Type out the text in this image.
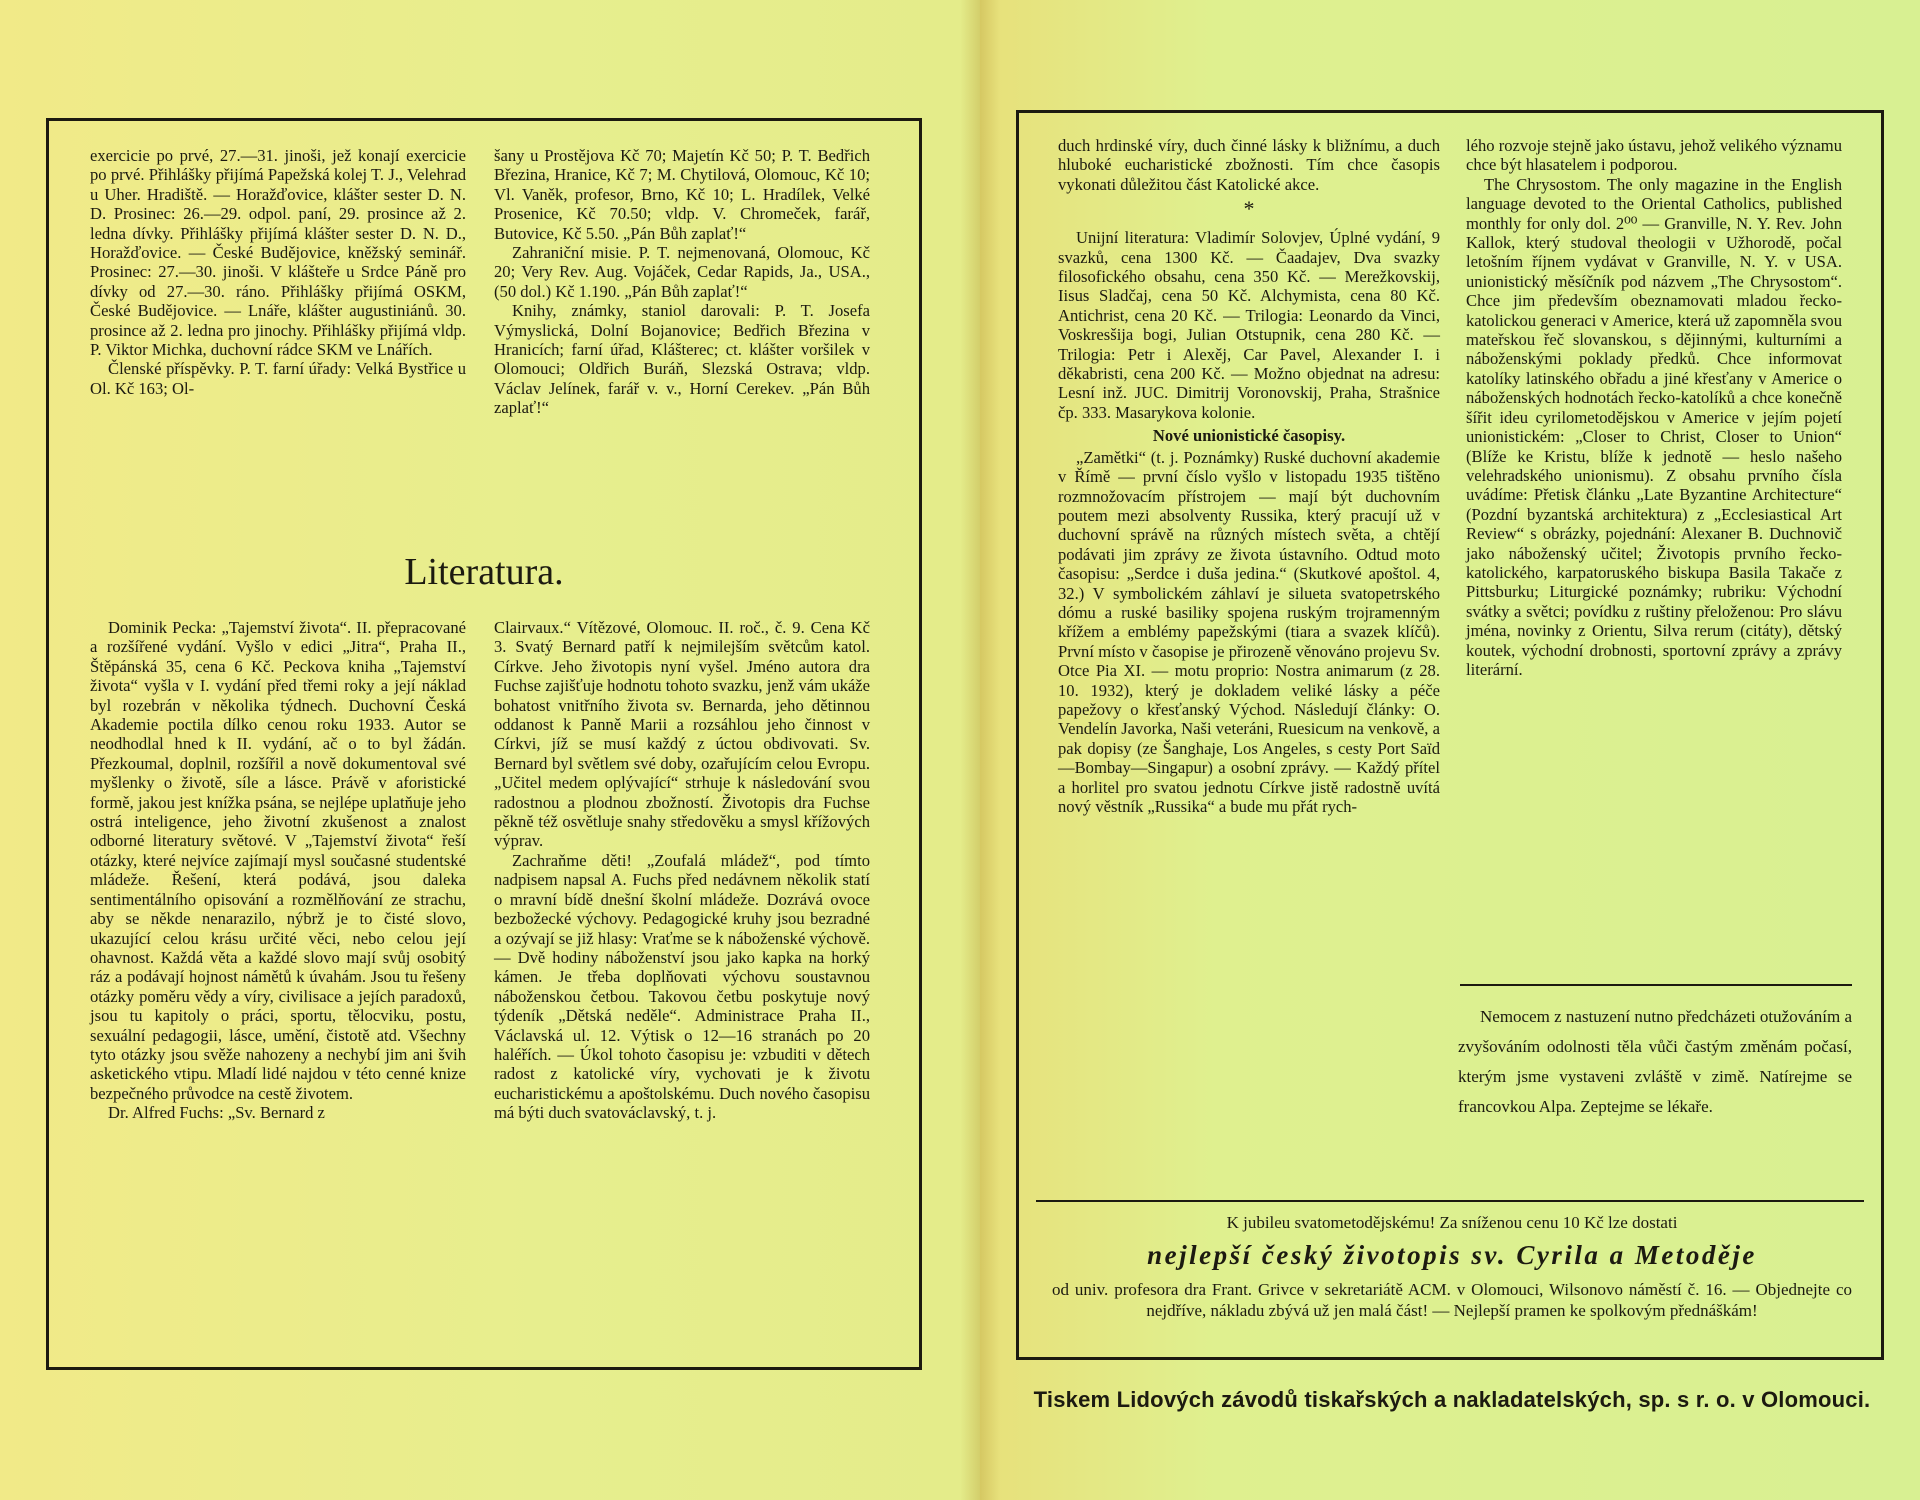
exercicie po prvé, 27.—31. jinoši, jež konají exercicie po prvé. Přihlášky přijímá Papežská kolej T. J., Velehrad u Uher. Hradiště. — Horažďovice, klášter sester D. N. D. Prosinec: 26.—29. odpol. paní, 29. prosince až 2. ledna dívky. Přihlášky přijímá klášter sester D. N. D., Horažďovice. — České Budějovice, kněžský seminář. Prosinec: 27.—30. jinoši. V klášteře u Srdce Páně pro dívky od 27.—30. ráno. Přihlášky přijímá OSKM, České Budějovice. — Lnáře, klášter augustiniánů. 30. prosince až 2. ledna pro jinochy. Přihlášky přijímá vldp. P. Viktor Michka, duchovní rádce SKM ve Lnářích.

Členské příspěvky. P. T. farní úřady: Velká Bystřice u Ol. Kč 163; Ol-

šany u Prostějova Kč 70; Majetín Kč 50; P. T. Bedřich Březina, Hranice, Kč 7; M. Chytilová, Olomouc, Kč 10; Vl. Vaněk, profesor, Brno, Kč 10; L. Hradílek, Velké Prosenice, Kč 70.50; vldp. V. Chromeček, farář, Butovice, Kč 5.50. „Pán Bůh zaplať!“

Zahraniční misie. P. T. nejmenovaná, Olomouc, Kč 20; Very Rev. Aug. Vojáček, Cedar Rapids, Ja., USA., (50 dol.) Kč 1.190. „Pán Bůh zaplať!“

Knihy, známky, staniol darovali: P. T. Josefa Výmyslická, Dolní Bojanovice; Bedřich Březina v Hranicích; farní úřad, Klášterec; ct. klášter voršilek v Olomouci; Oldřich Buráň, Slezská Ostrava; vldp. Václav Jelínek, farář v. v., Horní Cerekev. „Pán Bůh zaplať!“

Literatura.

Dominik Pecka: „Tajemství života“. II. přepracované a rozšířené vydání. Vyšlo v edici „Jitra“, Praha II., Štěpánská 35, cena 6 Kč. Peckova kniha „Tajemství života“ vyšla v I. vydání před třemi roky a její náklad byl rozebrán v několika týdnech. Duchovní Česká Akademie poctila dílko cenou roku 1933. Autor se neodhodlal hned k II. vydání, ač o to byl žádán. Přezkoumal, doplnil, rozšířil a nově dokumentoval své myšlenky o životě, síle a lásce. Právě v aforistické formě, jakou jest knížka psána, se nejlépe uplatňuje jeho ostrá inteligence, jeho životní zkušenost a znalost odborné literatury světové. V „Tajemství života“ řeší otázky, které nejvíce zajímají mysl současné studentské mládeže. Řešení, která podává, jsou daleka sentimentálního opisování a rozmělňování ze strachu, aby se někde nenarazilo, nýbrž je to čisté slovo, ukazující celou krásu určité věci, nebo celou její ohavnost. Každá věta a každé slovo mají svůj osobitý ráz a podávají hojnost námětů k úvahám. Jsou tu řešeny otázky poměru vědy a víry, civilisace a jejích paradoxů, jsou tu kapitoly o práci, sportu, tělocviku, postu, sexuální pedagogii, lásce, umění, čistotě atd. Všechny tyto otázky jsou svěže nahozeny a nechybí jim ani švih asketického vtipu. Mladí lidé najdou v této cenné knize bezpečného průvodce na cestě životem.

Dr. Alfred Fuchs: „Sv. Bernard z

Clairvaux.“ Vítězové, Olomouc. II. roč., č. 9. Cena Kč 3. Svatý Bernard patří k nejmilejším světcům katol. Církve. Jeho životopis nyní vyšel. Jméno autora dra Fuchse zajišťuje hodnotu tohoto svazku, jenž vám ukáže bohatost vnitřního života sv. Bernarda, jeho dětinnou oddanost k Panně Marii a rozsáhlou jeho činnost v Církvi, jíž se musí každý z úctou obdivovati. Sv. Bernard byl světlem své doby, ozařujícím celou Evropu. „Učitel medem oplývající“ strhuje k následování svou radostnou a plodnou zbožností. Životopis dra Fuchse pěkně též osvětluje snahy středověku a smysl křížových výprav.

Zachraňme děti! „Zoufalá mládež“, pod tímto nadpisem napsal A. Fuchs před nedávnem několik statí o mravní bídě dnešní školní mládeže. Dozrává ovoce bezbožecké výchovy. Pedagogické kruhy jsou bezradné a ozývají se již hlasy: Vraťme se k náboženské výchově. — Dvě hodiny náboženství jsou jako kapka na horký kámen. Je třeba doplňovati výchovu soustavnou náboženskou četbou. Takovou četbu poskytuje nový týdeník „Dětská neděle“. Administrace Praha II., Václavská ul. 12. Výtisk o 12—16 stranách po 20 haléřích. — Úkol tohoto časopisu je: vzbuditi v dětech radost z katolické víry, vychovati je k životu eucharistickému a apoštolskému. Duch nového časopisu má býti duch svatováclavský, t. j.

duch hrdinské víry, duch činné lásky k bližnímu, a duch hluboké eucharistické zbožnosti. Tím chce časopis vykonati důležitou část Katolické akce.

*

Unijní literatura: Vladimír Solovjev, Úplné vydání, 9 svazků, cena 1300 Kč. — Čaadajev, Dva svazky filosofického obsahu, cena 350 Kč. — Merežkovskij, Iisus Sladčaj, cena 50 Kč. Alchymista, cena 80 Kč. Antichrist, cena 20 Kč. — Trilogia: Leonardo da Vinci, Voskresšija bogi, Julian Otstupnik, cena 280 Kč. — Trilogia: Petr i Alexěj, Car Pavel, Alexander I. i děkabristi, cena 200 Kč. — Možno objednat na adresu: Lesní inž. JUC. Dimitrij Voronovskij, Praha, Strašnice čp. 333. Masarykova kolonie.

Nové unionistické časopisy.

„Zamětki“ (t. j. Poznámky) Ruské duchovní akademie v Římě — první číslo vyšlo v listopadu 1935 tištěno rozmnožovacím přístrojem — mají být duchovním poutem mezi absolventy Russika, který pracují už v duchovní správě na různých místech světa, a chtějí podávati jim zprávy ze života ústavního. Odtud moto časopisu: „Serdce i duša jedina.“ (Skutkové apoštol. 4, 32.) V symbolickém záhlaví je silueta svatopetrského dómu a ruské basiliky spojena ruským trojramenným křížem a emblémy papežskými (tiara a svazek klíčů). První místo v časopise je přirozeně věnováno projevu Sv. Otce Pia XI. — motu proprio: Nostra animarum (z 28. 10. 1932), který je dokladem veliké lásky a péče papežovy o křesťanský Východ. Následují články: O. Vendelín Javorka, Naši veteráni, Ruesicum na venkově, a pak dopisy (ze Šanghaje, Los Angeles, s cesty Port Saïd—Bombay—Singapur) a osobní zprávy. — Každý přítel a horlitel pro svatou jednotu Církve jistě radostně uvítá nový věstník „Russika“ a bude mu přát rych-

lého rozvoje stejně jako ústavu, jehož velikého významu chce být hlasatelem i podporou.

The Chrysostom. The only magazine in the English language devoted to the Oriental Catholics, published monthly for only dol. 2⁰⁰ — Granville, N. Y. Rev. John Kallok, který studoval theologii v Užhorodě, počal letošním říjnem vydávat v Granville, N. Y. v USA. unionistický měsíčník pod názvem „The Chrysostom“. Chce jim především obeznamovati mladou řecko-katolickou generaci v Americe, která už zapomněla svou mateřskou řeč slovanskou, s dějinnými, kulturními a náboženskými poklady předků. Chce informovat katolíky latinského obřadu a jiné křesťany v Americe o náboženských hodnotách řecko-katolíků a chce konečně šířit ideu cyrilometodějskou v Americe v jejím pojetí unionistickém: „Closer to Christ, Closer to Union“ (Blíže ke Kristu, blíže k jednotě — heslo našeho velehradského unionismu). Z obsahu prvního čísla uvádíme: Přetisk článku „Late Byzantine Architecture“ (Pozdní byzantská architektura) z „Ecclesiastical Art Review“ s obrázky, pojednání: Alexaner B. Duchnovič jako náboženský učitel; Životopis prvního řecko-katolického, karpatoruského biskupa Basila Takače z Pittsburku; Liturgické poznámky; rubriku: Východní svátky a světci; povídku z ruštiny přeloženou: Pro slávu jména, novinky z Orientu, Silva rerum (citáty), dětský koutek, východní drobnosti, sportovní zprávy a zprávy literární.

Nemocem z nastuzení nutno předcházeti otužováním a zvyšováním odolnosti těla vůči častým změnám počasí, kterým jsme vystaveni zvláště v zimě. Natírejme se francovkou Alpa. Zeptejme se lékaře.

K jubileu svatometodějskému! Za sníženou cenu 10 Kč lze dostati
nejlepší český životopis sv. Cyrila a Metoděje
od univ. profesora dra Frant. Grivce v sekretariátě ACM. v Olomouci, Wilsonovo náměstí č. 16. — Objednejte co nejdříve, nákladu zbývá už jen malá část! — Nejlepší pramen ke spolkovým přednáškám!
Tiskem Lidových závodů tiskařských a nakladatelských, sp. s r. o. v Olomouci.
